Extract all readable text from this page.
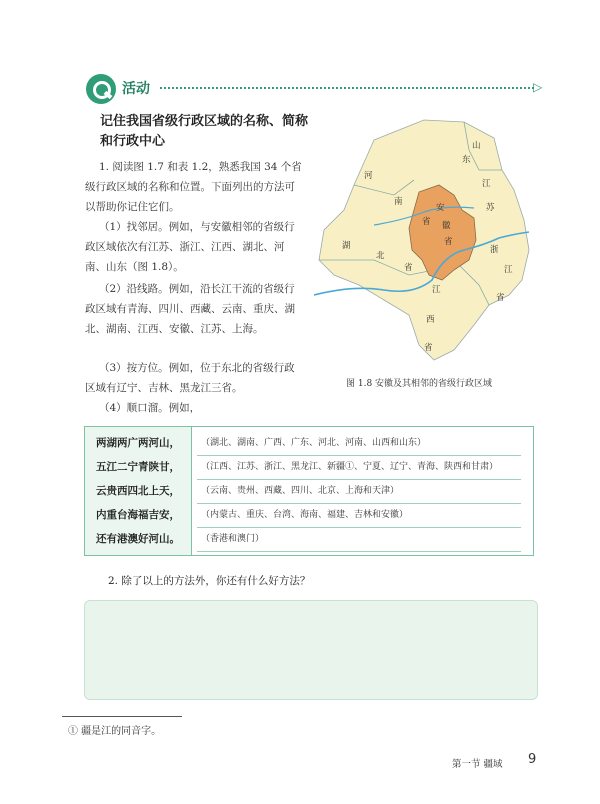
活动	▷
记住我国省级行政区域的名称、简称和行政中心
1. 阅读图 1.7 和表 1.2，熟悉我国 34 个省级行政区域的名称和位置。下面列出的方法可以帮助你记住它们。
（1）找邻居。例如，与安徽相邻的省级行政区域依次有江苏、浙江、江西、湖北、河南、山东（图 1.8）。
（2）沿线路。例如，沿长江干流的省级行政区域有青海、四川、西藏、云南、重庆、湖北、湖南、江西、安徽、江苏、上海。
（3）按方位。例如，位于东北的省级行政区域有辽宁、吉林、黑龙江三省。
（4）顺口溜。例如，
山
东
江
苏
河
南
省
安
徽
省
湖
北
省
江
西
省
浙
江
省
图 1.8 安徽及其相邻的省级行政区域
两湖两广两河山，
五江二宁青陕甘，
云贵西四北上天，
内重台海福吉安，
还有港澳好河山。
（湖北、湖南、广西、广东、河北、河南、山西和山东）
（江西、江苏、浙江、黑龙江、新疆①、宁夏、辽宁、青海、陕西和甘肃）
（云南、贵州、西藏、四川、北京、上海和天津）
（内蒙古、重庆、台湾、海南、福建、吉林和安徽）
（香港和澳门）
2. 除了以上的方法外，你还有什么好方法？
① 疆是江的同音字。
第一节 疆域 9
